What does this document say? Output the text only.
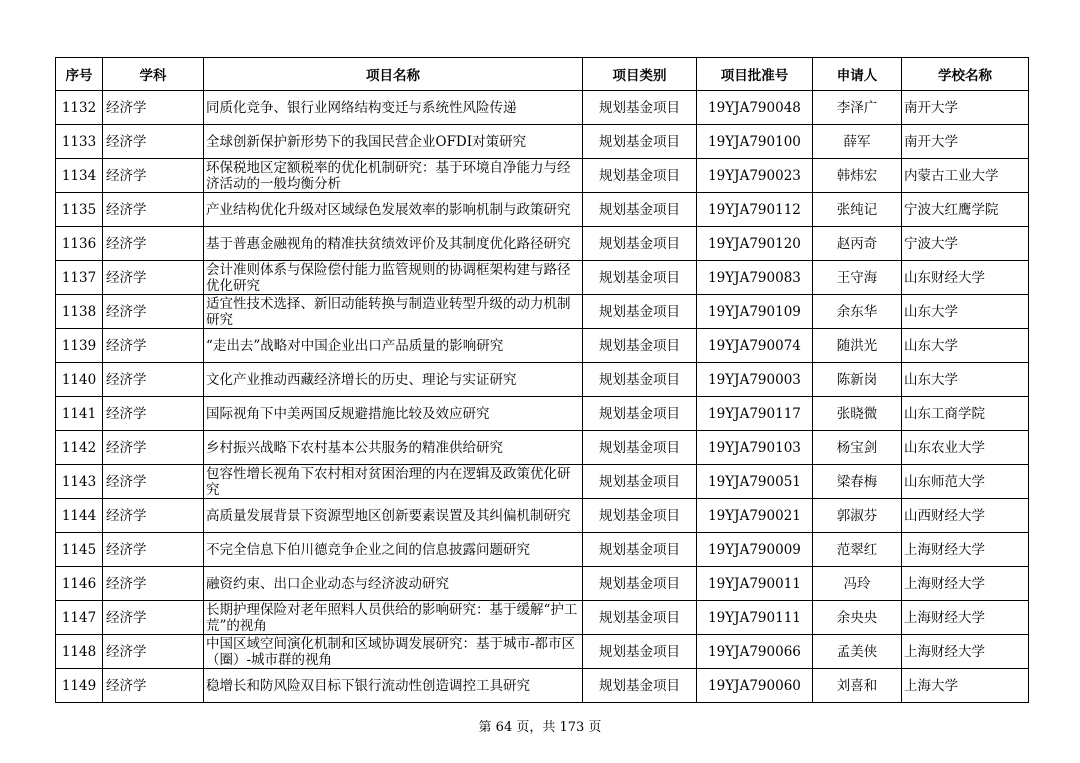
序号	学科	项目名称	项目类别	项目批准号	申请人	学校名称
1132	经济学	同质化竞争、银行业网络结构变迁与系统性风险传递	规划基金项目	19YJA790048	李泽广	南开大学
1133	经济学	全球创新保护新形势下的我国民营企业OFDI对策研究	规划基金项目	19YJA790100	薛军	南开大学
1134	经济学	环保税地区定额税率的优化机制研究：基于环境自净能力与经济活动的一般均衡分析	规划基金项目	19YJA790023	韩炜宏	内蒙古工业大学
1135	经济学	产业结构优化升级对区域绿色发展效率的影响机制与政策研究	规划基金项目	19YJA790112	张纯记	宁波大红鹰学院
1136	经济学	基于普惠金融视角的精准扶贫绩效评价及其制度优化路径研究	规划基金项目	19YJA790120	赵丙奇	宁波大学
1137	经济学	会计准则体系与保险偿付能力监管规则的协调框架构建与路径优化研究	规划基金项目	19YJA790083	王守海	山东财经大学
1138	经济学	适宜性技术选择、新旧动能转换与制造业转型升级的动力机制研究	规划基金项目	19YJA790109	余东华	山东大学
1139	经济学	“走出去”战略对中国企业出口产品质量的影响研究	规划基金项目	19YJA790074	随洪光	山东大学
1140	经济学	文化产业推动西藏经济增长的历史、理论与实证研究	规划基金项目	19YJA790003	陈新岗	山东大学
1141	经济学	国际视角下中美两国反规避措施比较及效应研究	规划基金项目	19YJA790117	张晓微	山东工商学院
1142	经济学	乡村振兴战略下农村基本公共服务的精准供给研究	规划基金项目	19YJA790103	杨宝剑	山东农业大学
1143	经济学	包容性增长视角下农村相对贫困治理的内在逻辑及政策优化研究	规划基金项目	19YJA790051	梁春梅	山东师范大学
1144	经济学	高质量发展背景下资源型地区创新要素误置及其纠偏机制研究	规划基金项目	19YJA790021	郭淑芬	山西财经大学
1145	经济学	不完全信息下伯川德竞争企业之间的信息披露问题研究	规划基金项目	19YJA790009	范翠红	上海财经大学
1146	经济学	融资约束、出口企业动态与经济波动研究	规划基金项目	19YJA790011	冯玲	上海财经大学
1147	经济学	长期护理保险对老年照料人员供给的影响研究：基于缓解“护工荒”的视角	规划基金项目	19YJA790111	余央央	上海财经大学
1148	经济学	中国区域空间演化机制和区域协调发展研究：基于城市-都市区（圈）-城市群的视角	规划基金项目	19YJA790066	孟美侠	上海财经大学
1149	经济学	稳增长和防风险双目标下银行流动性创造调控工具研究	规划基金项目	19YJA790060	刘喜和	上海大学
第 64 页，共 173 页
